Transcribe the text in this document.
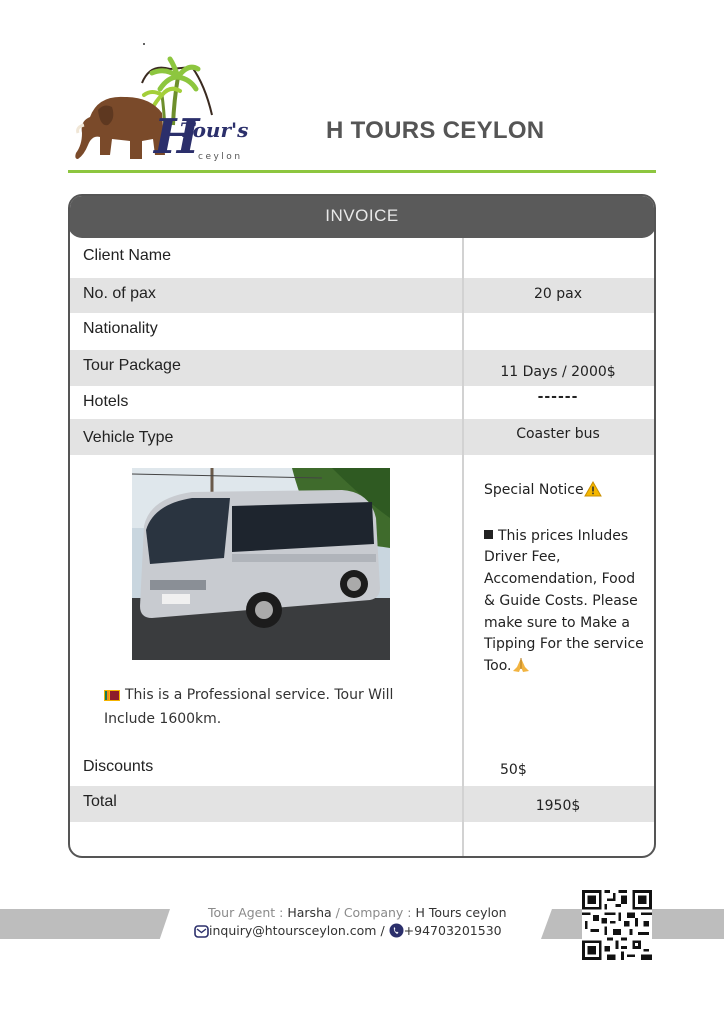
H
Tour's
ceylon
H TOURS CEYLON
INVOICE
Client Name
No. of pax	20 pax
Nationality
Tour Package	11 Days / 2000$
Hotels	------
Vehicle Type	Coaster bus
This is a Professional service. Tour Will Include 1600km.
Special Notice
This prices Inludes Driver Fee, Accomendation, Food & Guide Costs. Please make sure to Make a Tipping For the service Too.
Discounts	50$
Total	1950$
Tour Agent : Harsha / Company : H Tours ceylon
inquiry@htoursceylon.com / +94703201530
